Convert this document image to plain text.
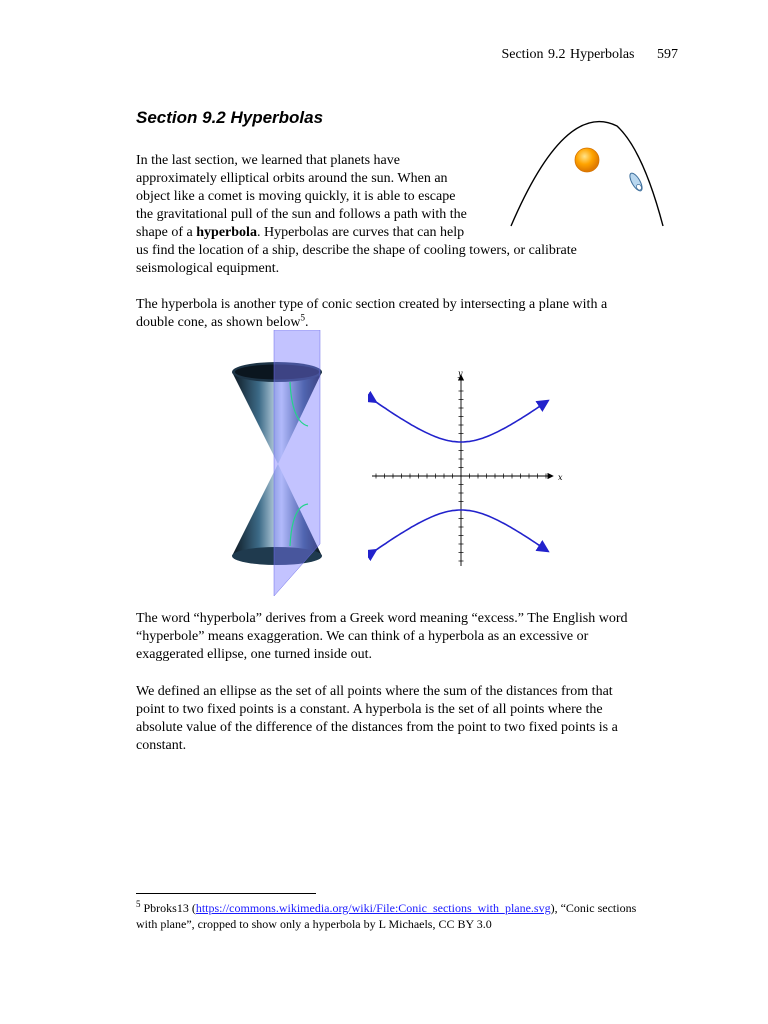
Section 9.2 Hyperbolas 597
Section 9.2 Hyperbolas

In the last section, we learned that planets have
approximately elliptical orbits around the sun. When an
object like a comet is moving quickly, it is able to escape
the gravitational pull of the sun and follows a path with the
shape of a hyperbola. Hyperbolas are curves that can help
us find the location of a ship, describe the shape of cooling towers, or calibrate
seismological equipment.

The hyperbola is another type of conic section created by intersecting a plane with a
double cone, as shown below$^5$.

x
y

The word “hyperbola” derives from a Greek word meaning “excess.” The English word
“hyperbole” means exaggeration. We can think of a hyperbola as an excessive or
exaggerated ellipse, one turned inside out.

We defined an ellipse as the set of all points where the sum of the distances from that
point to two fixed points is a constant. A hyperbola is the set of all points where the
absolute value of the difference of the distances from the point to two fixed points is a
constant.

$^5$ Pbroks13 (https://commons.wikimedia.org/wiki/File:Conic_sections_with_plane.svg), “Conic sections
with plane”, cropped to show only a hyperbola by L Michaels, CC BY 3.0
